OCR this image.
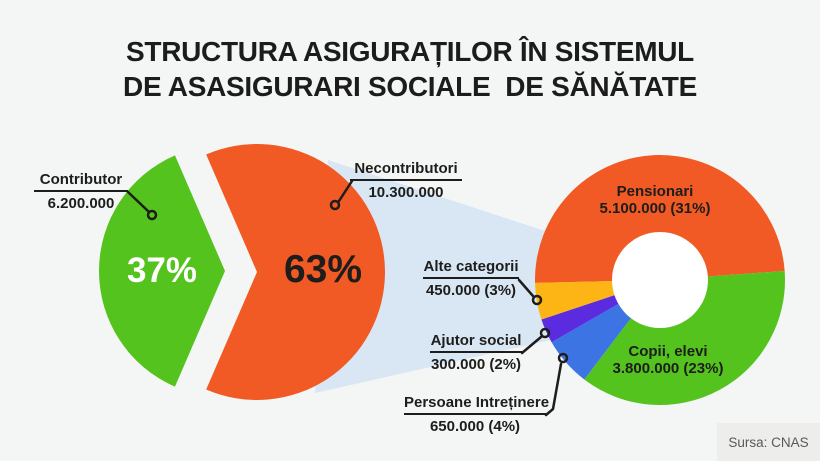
STRUCTURA ASIGURAȚILOR ÎN SISTEMUL
DE ASASIGURARI SOCIALE  DE SĂNĂTATE
37%	63%
Contributor
6.200.000
Necontributori
10.300.000
Alte categorii
450.000 (3%)
Ajutor social
300.000 (2%)
Persoane Intreținere
650.000 (4%)
Pensionari
5.100.000 (31%)
Copii, elevi
3.800.000 (23%)
Sursa: CNAS
